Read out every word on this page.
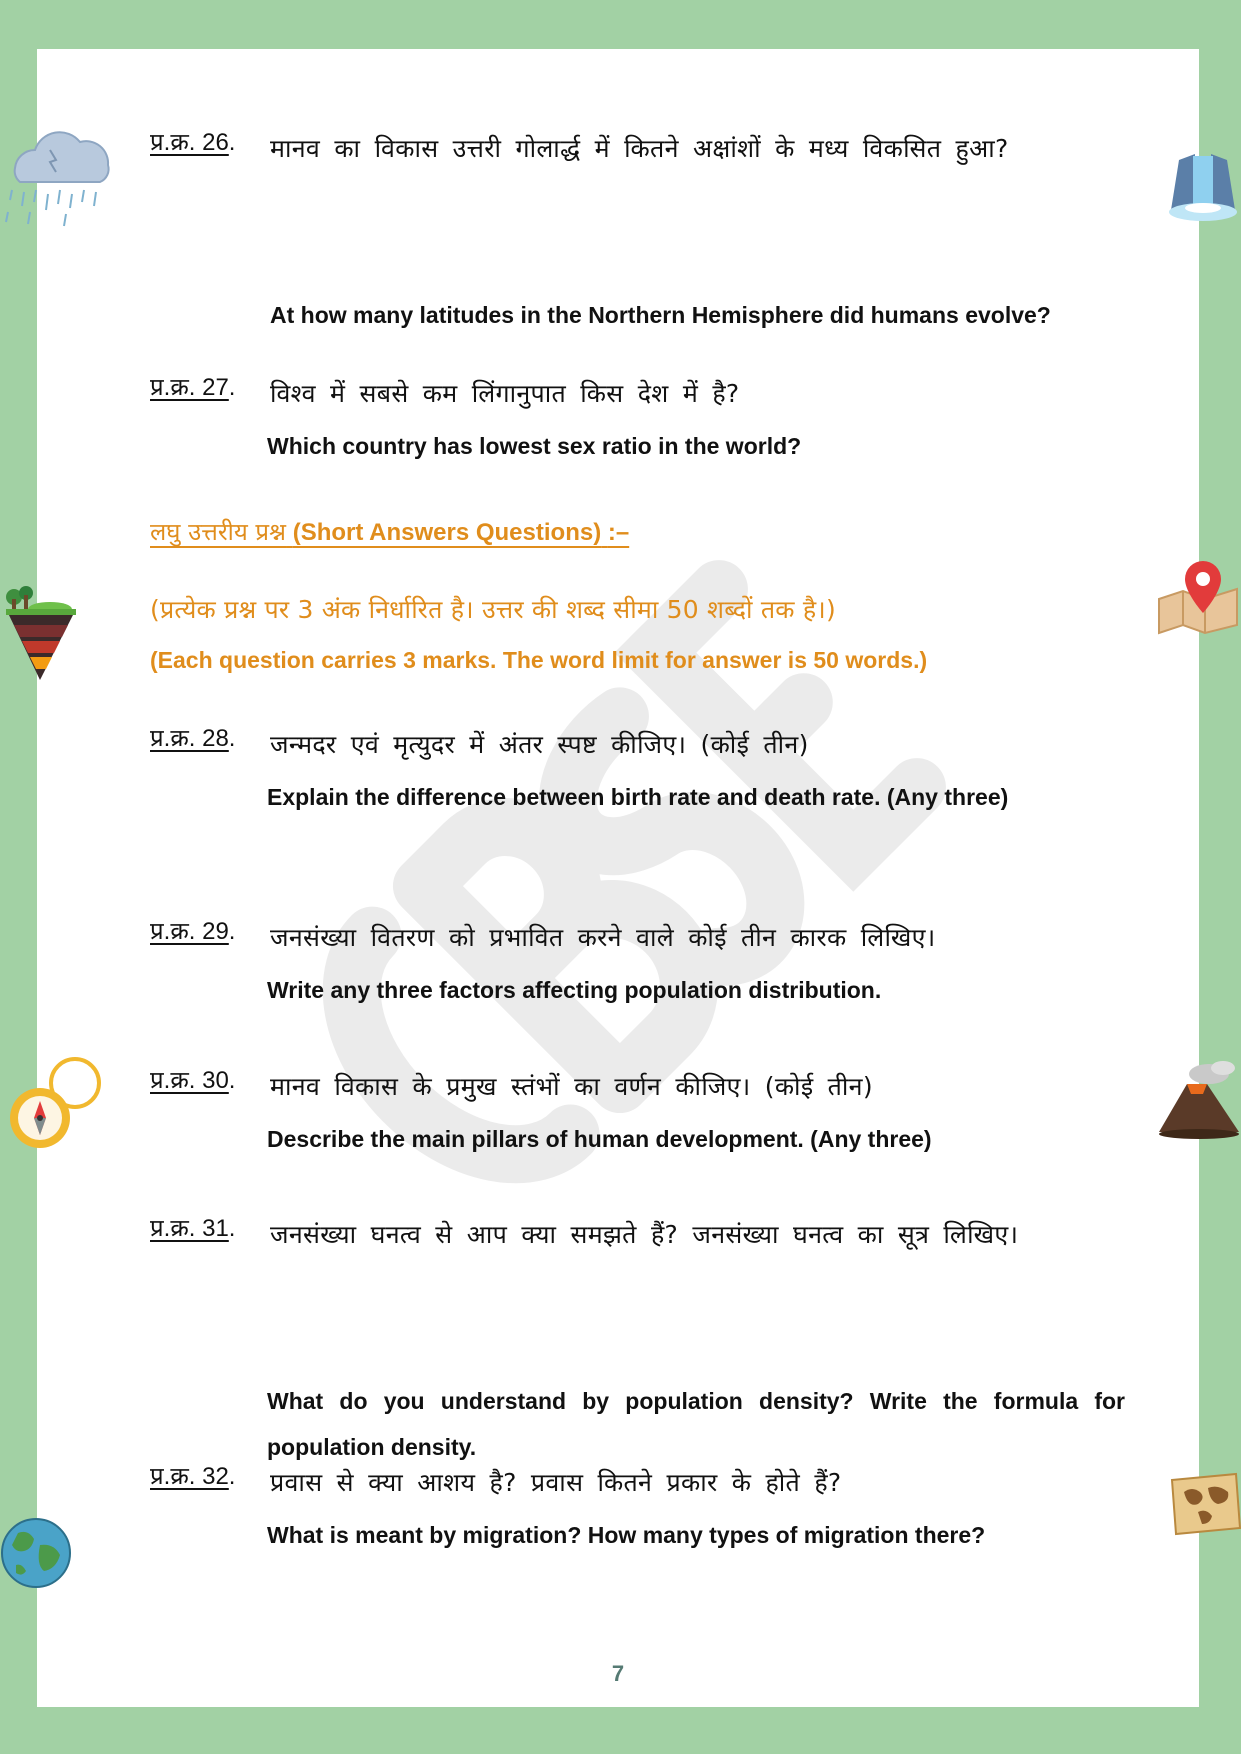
प्र.क्र. 26. मानव का विकास उत्तरी गोलार्द्ध में कितने अक्षांशों के मध्य विकसित हुआ?
At how many latitudes in the Northern Hemisphere did humans evolve?
प्र.क्र. 27. विश्व में सबसे कम लिंगानुपात किस देश में है?
Which country has lowest sex ratio in the world?
लघु उत्तरीय प्रश्न (Short Answers Questions) :–
(प्रत्येक प्रश्न पर 3 अंक निर्धारित है। उत्तर की शब्द सीमा 50 शब्दों तक है।)
(Each question carries 3 marks. The word limit for answer is 50 words.)
प्र.क्र. 28. जन्मदर एवं मृत्युदर में अंतर स्पष्ट कीजिए। (कोई तीन)
Explain the difference between birth rate and death rate. (Any three)
प्र.क्र. 29. जनसंख्या वितरण को प्रभावित करने वाले कोई तीन कारक लिखिए।
Write any three factors affecting population distribution.
प्र.क्र. 30. मानव विकास के प्रमुख स्तंभों का वर्णन कीजिए। (कोई तीन)
Describe the main pillars of human development. (Any three)
प्र.क्र. 31. जनसंख्या घनत्व से आप क्या समझते हैं? जनसंख्या घनत्व का सूत्र लिखिए।
What do you understand by population density? Write the formula for population density.
प्र.क्र. 32. प्रवास से क्या आशय है? प्रवास कितने प्रकार के होते हैं?
What is meant by migration? How many types of migration there?
7
